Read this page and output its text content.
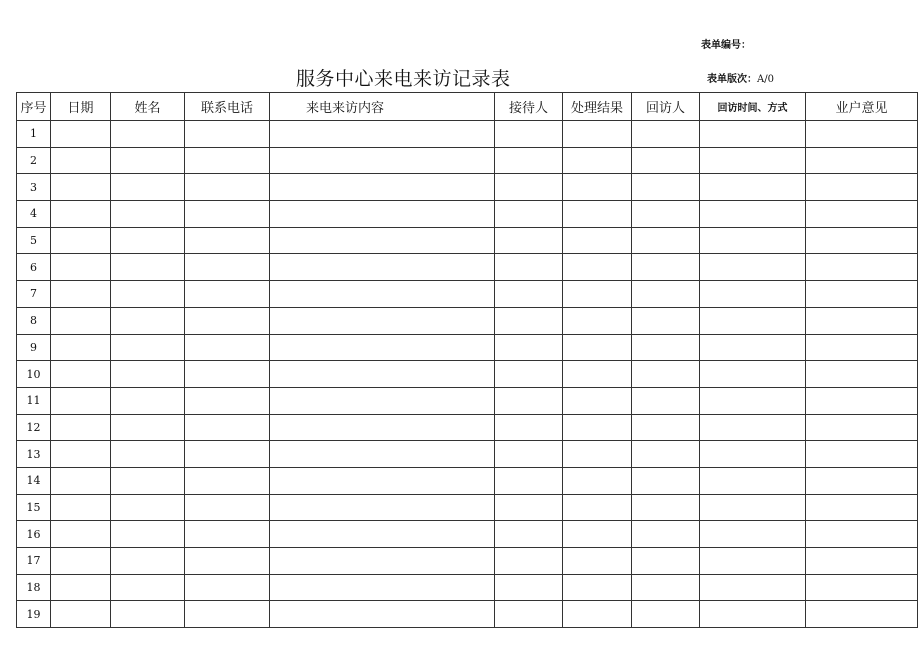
表单编号：
服务中心来电来访记录表	表单版次：A/0
序号	日期	姓名	联系电话	来电来访内容	接待人	处理结果	回访人	回访时间、方式	业户意见
1									
2									
3									
4									
5									
6									
7									
8									
9									
10									
11									
12									
13									
14									
15									
16									
17									
18									
19									
